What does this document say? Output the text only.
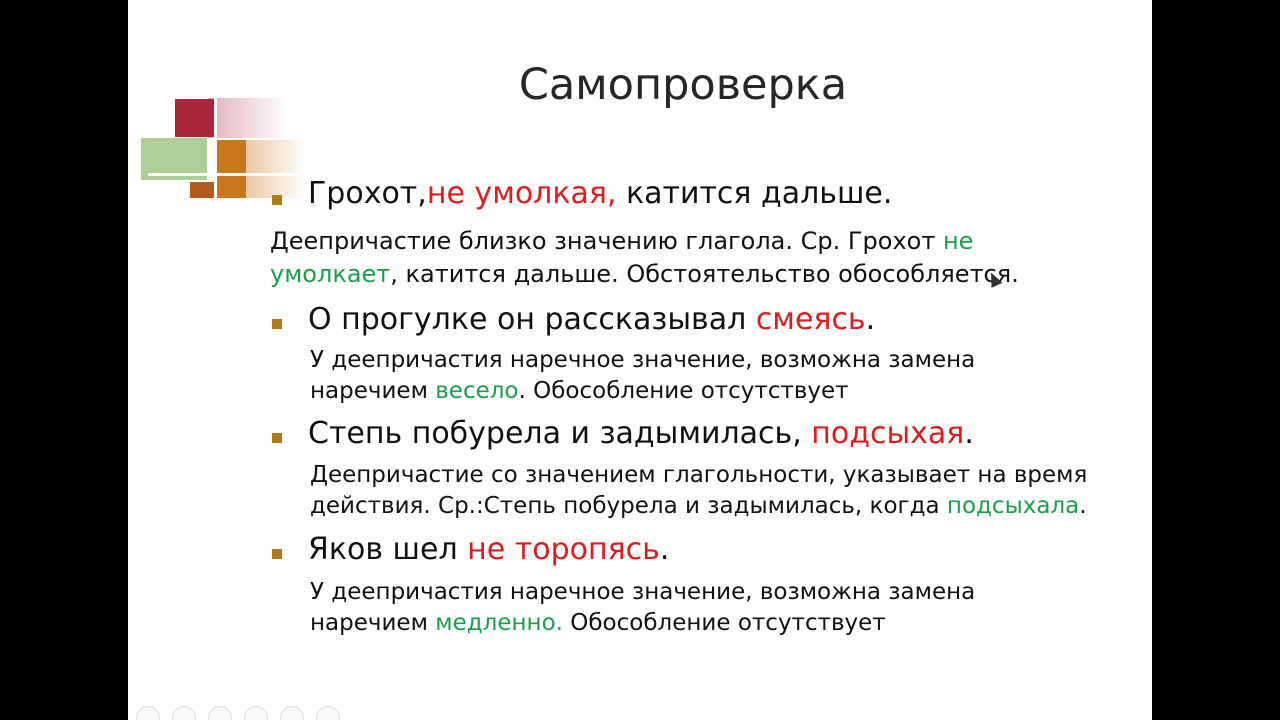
Самопроверка
Грохот,не умолкая, катится дальше.
Деепричастие близко значению глагола. Ср. Грохот не умолкает, катится дальше. Обстоятельство обособляется.
О прогулке он рассказывал смеясь.
У деепричастия наречное значение, возможна замена наречием весело. Обособление отсутствует
Степь побурела и задымилась, подсыхая.
Деепричастие со значением глагольности, указывает на время действия. Ср.:Степь побурела и задымилась, когда подсыхала.
Яков шел не торопясь.
У деепричастия наречное значение, возможна замена наречием медленно. Обособление отсутствует
